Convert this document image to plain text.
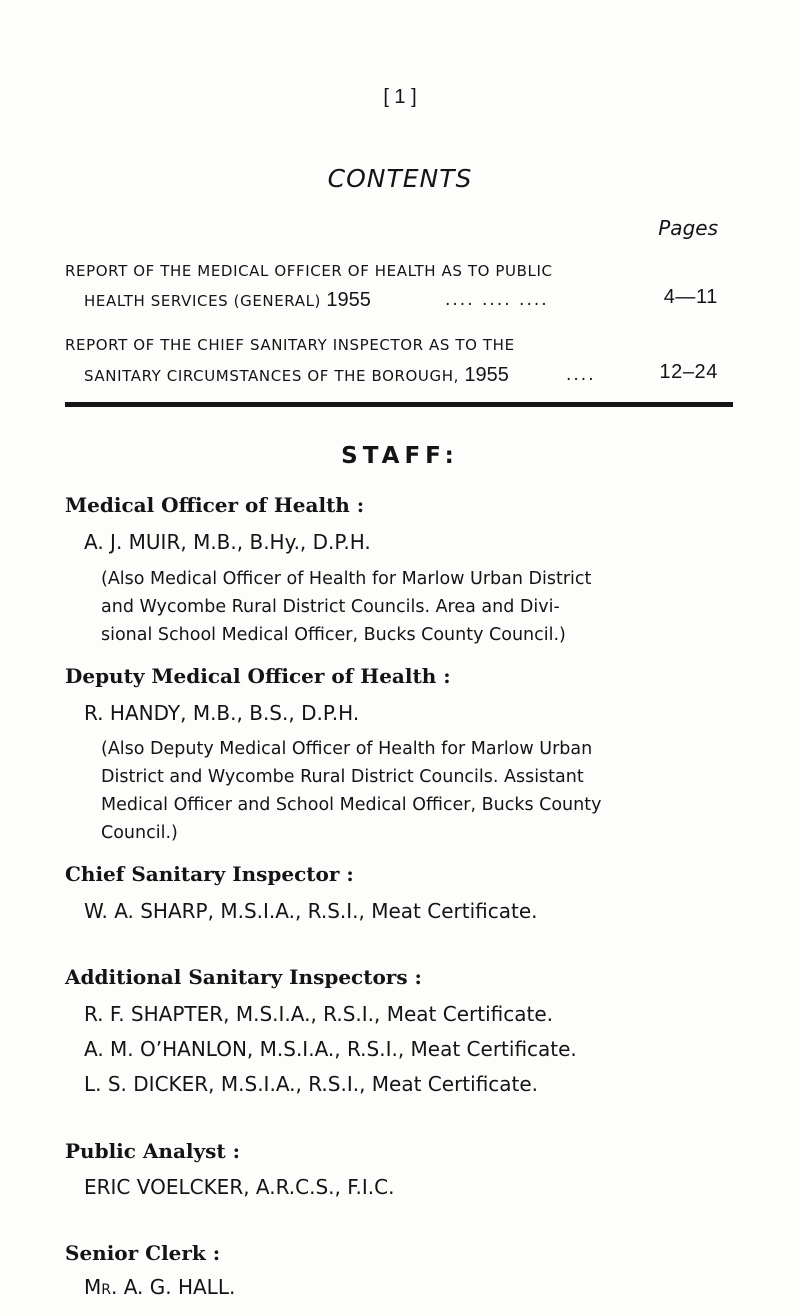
[ 1 ]
CONTENTS
Pages
REPORT OF THE MEDICAL OFFICER OF HEALTH AS TO PUBLIC
HEALTH SERVICES (GENERAL) 1955	.... .... ....	4—11
REPORT OF THE CHIEF SANITARY INSPECTOR AS TO THE
SANITARY CIRCUMSTANCES OF THE BOROUGH, 1955	....	12–24
STAFF:
Medical Officer of Health :
A. J. MUIR, M.B., B.Hy., D.P.H.
(Also Medical Officer of Health for Marlow Urban District
and Wycombe Rural District Councils. Area and Divi-
sional School Medical Officer, Bucks County Council.)
Deputy Medical Officer of Health :
R. HANDY, M.B., B.S., D.P.H.
(Also Deputy Medical Officer of Health for Marlow Urban
District and Wycombe Rural District Councils. Assistant
Medical Officer and School Medical Officer, Bucks County
Council.)
Chief Sanitary Inspector :
W. A. SHARP, M.S.I.A., R.S.I., Meat Certificate.
Additional Sanitary Inspectors :
R. F. SHAPTER, M.S.I.A., R.S.I., Meat Certificate.
A. M. O’HANLON, M.S.I.A., R.S.I., Meat Certificate.
L. S. DICKER, M.S.I.A., R.S.I., Meat Certificate.
Public Analyst :
ERIC VOELCKER, A.R.C.S., F.I.C.
Senior Clerk :
Mr. A. G. HALL.
